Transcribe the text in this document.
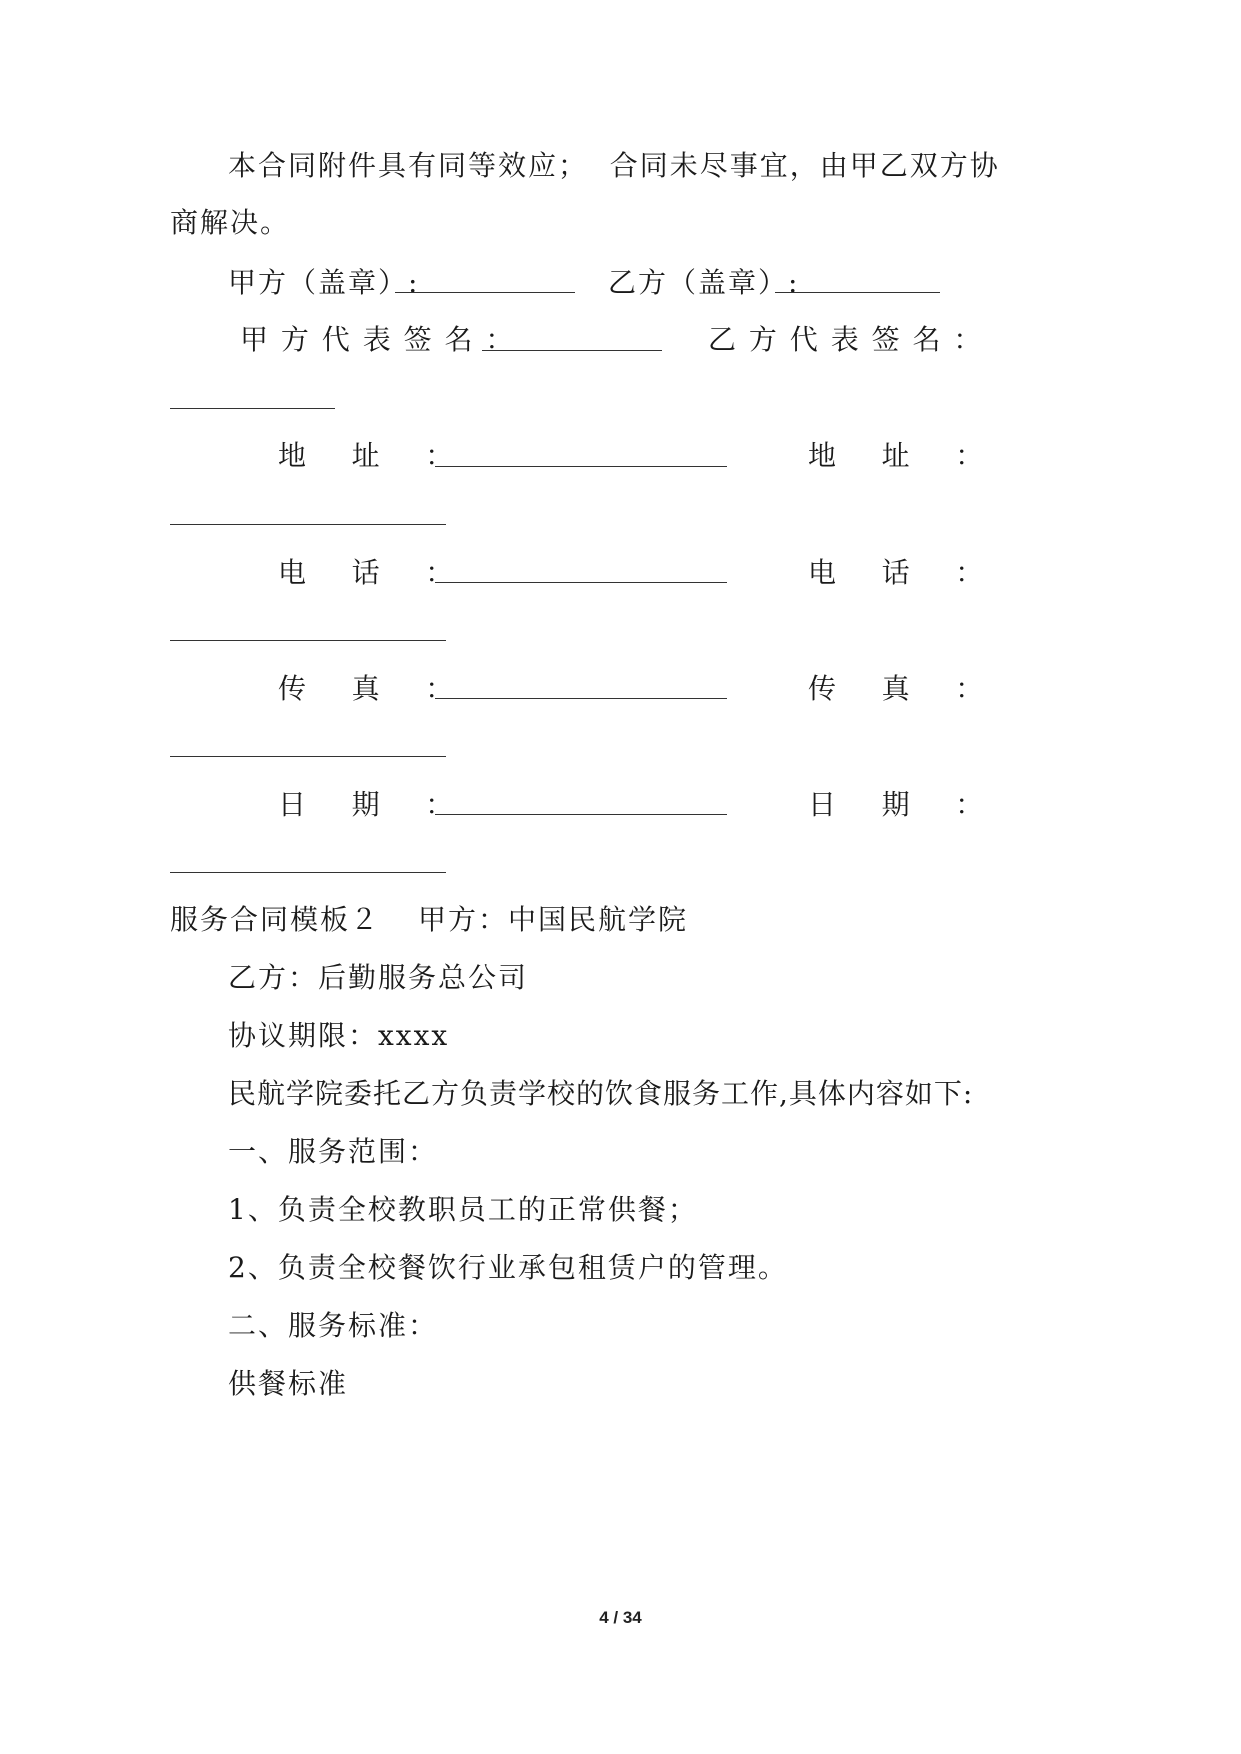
本合同附件具有同等效应；  合同未尽事宜，由甲乙双方协
商解决。
甲方（盖章）:	乙方（盖章）:
甲 方 代 表 签 名 ：	乙 方 代 表 签 名 ：
地    址    ：	地    址    ：
电    话    ：	电    话    ：
传    真    ：	传    真    ：
日    期    ：	日    期    ：
服务合同模板２	甲方：中国民航学院
乙方：后勤服务总公司
协议期限：xxxx
民航学院委托乙方负责学校的饮食服务工作,具体内容如下:
一、服务范围：
1、负责全校教职员工的正常供餐；
2、负责全校餐饮行业承包租赁户的管理。
二、服务标准：
供餐标准
4 / 34
